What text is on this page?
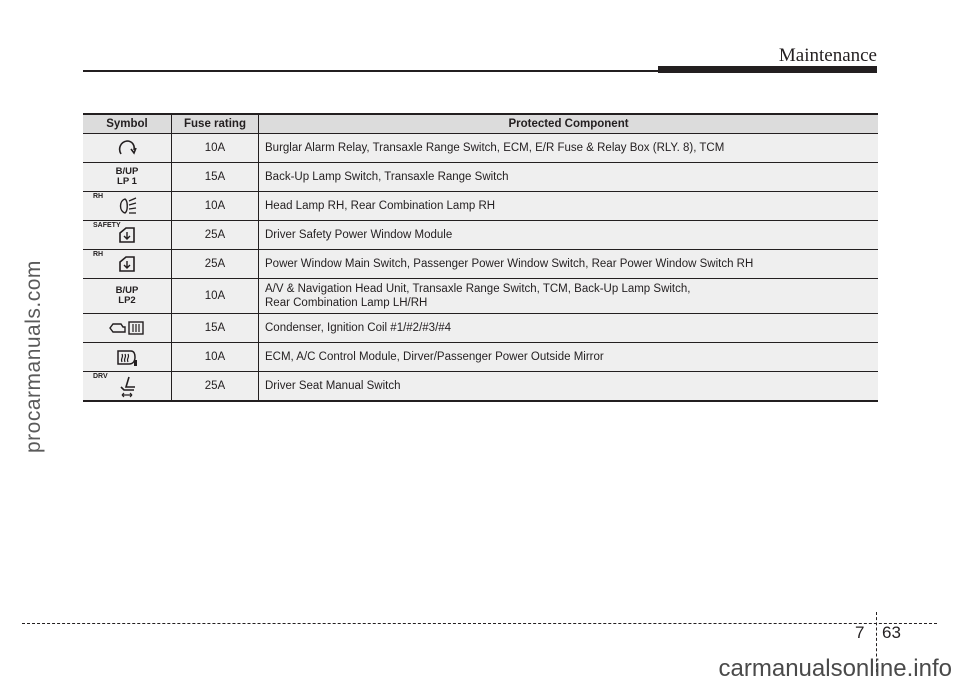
Maintenance
procarmanuals.com
Symbol	Fuse rating	Protected Component

	10A	Burglar Alarm Relay, Transaxle Range Switch, ECM, E/R Fuse & Relay Box (RLY. 8), TCM

B/UP
LP 1	15A	Back-Up Lamp Switch, Transaxle Range Switch

RH	10A	Head Lamp RH, Rear Combination Lamp RH

SAFETY	25A	Driver Safety Power Window Module

RH	25A	Power Window Main Switch, Passenger Power Window Switch, Rear Power Window Switch RH

B/UP
LP2	10A	A/V & Navigation Head Unit, Transaxle Range Switch, TCM, Back-Up Lamp Switch,
Rear Combination Lamp LH/RH

	15A	Condenser, Ignition Coil #1/#2/#3/#4

	10A	ECM, A/C Control Module, Dirver/Passenger Power Outside Mirror

DRV	25A	Driver Seat Manual Switch
7 63
carmanualsonline.info
